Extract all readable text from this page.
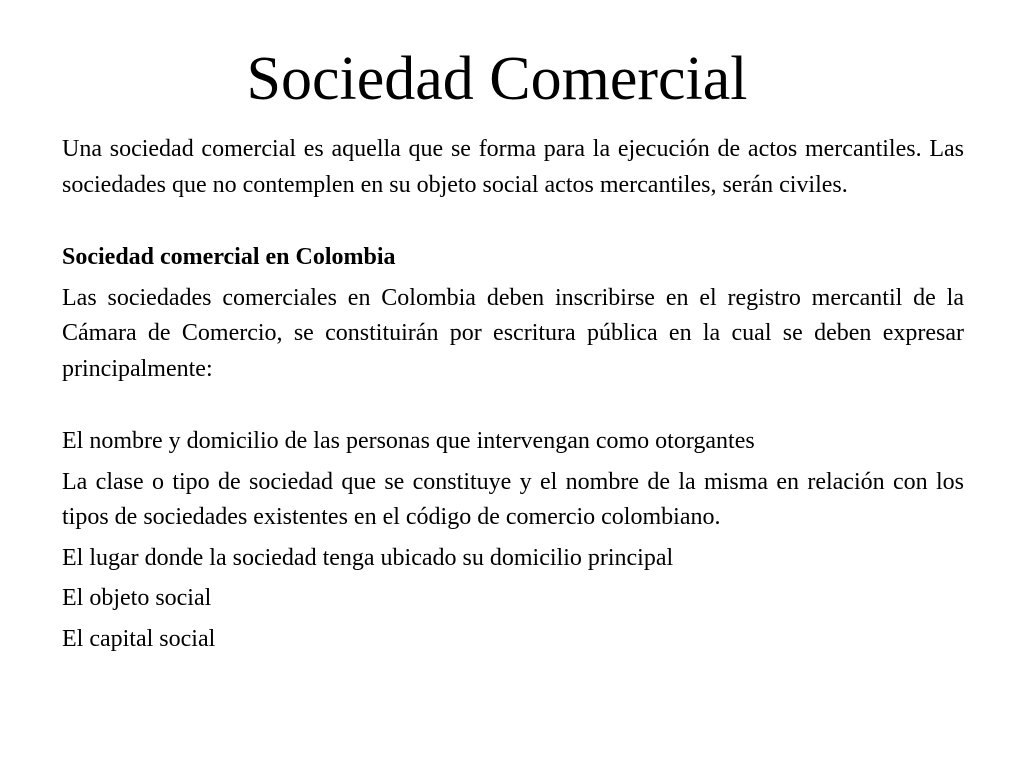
Sociedad Comercial

Una sociedad comercial es aquella que se forma para la ejecución de actos mercantiles. Las sociedades que no contemplen en su objeto social actos mercantiles, serán civiles.

Sociedad comercial en Colombia

Las sociedades comerciales en Colombia deben inscribirse en el registro mercantil de la Cámara de Comercio, se constituirán por escritura pública en la cual se deben expresar principalmente:

El nombre y domicilio de las personas que intervengan como otorgantes

La clase o tipo de sociedad que se constituye y el nombre de la misma en relación con los tipos de sociedades existentes en el código de comercio colombiano.

El lugar donde la sociedad tenga ubicado su domicilio principal

El objeto social

El capital social
